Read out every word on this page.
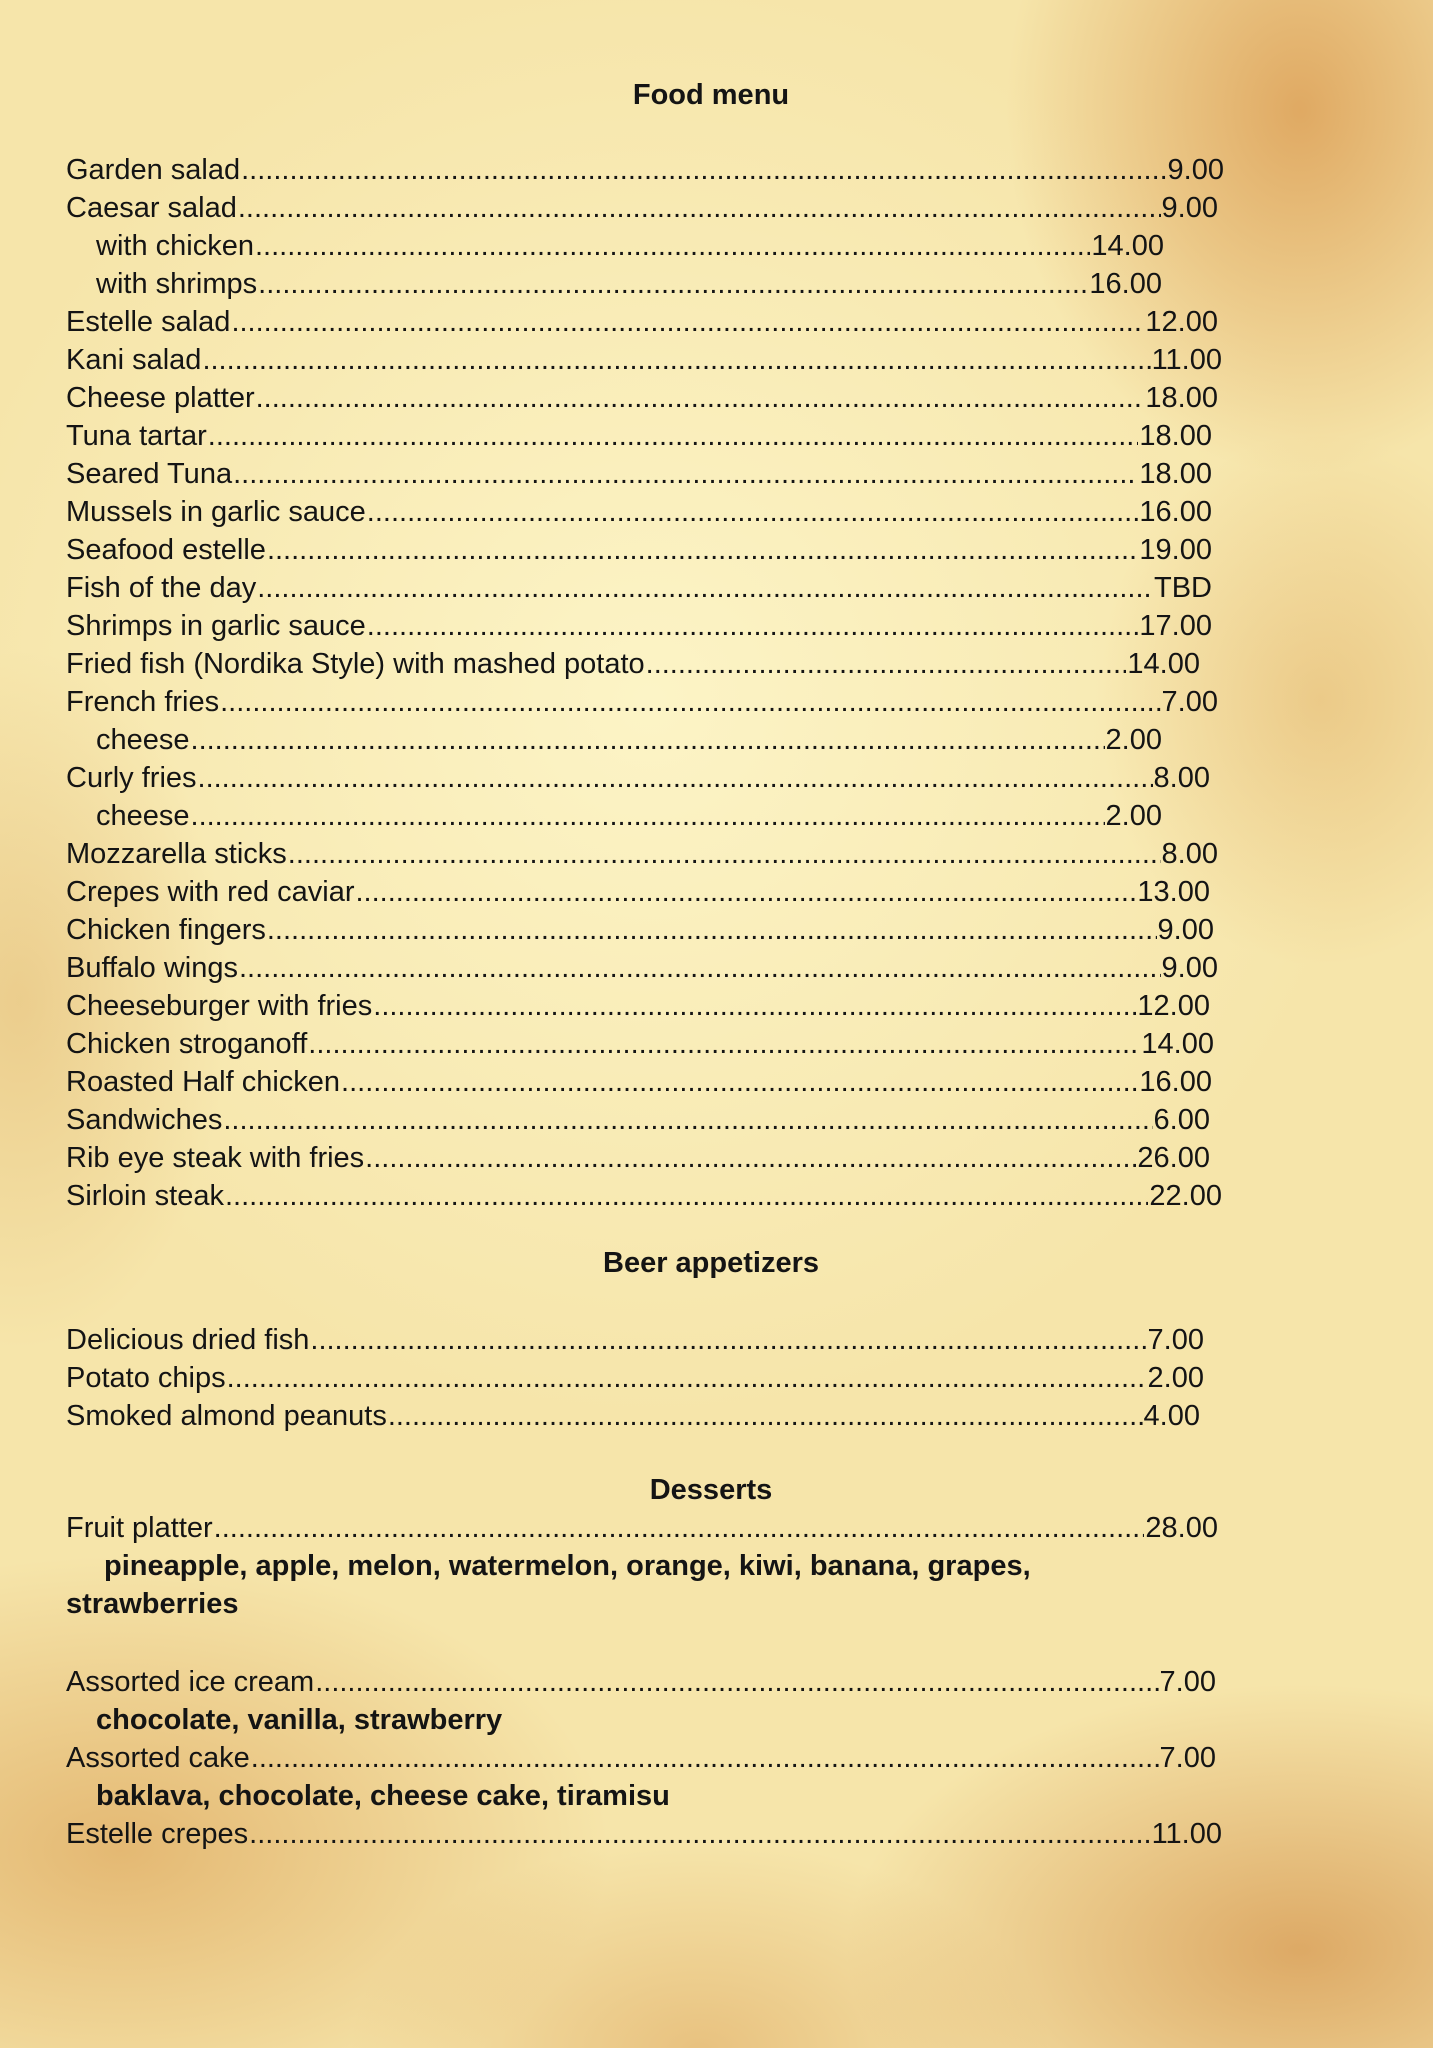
Food menu
Garden salad .....	9.00
Caesar salad .....	9.00
with chicken .....	14.00
with shrimps .....	16.00
Estelle salad .....	12.00
Kani salad .....	11.00
Cheese platter .....	18.00
Tuna tartar .....	18.00
Seared Tuna .....	18.00
Mussels in garlic sauce .....	16.00
Seafood estelle .....	19.00
Fish of the day .....	TBD
Shrimps in garlic sauce .....	17.00
Fried fish (Nordika Style) with mashed potato .....	14.00
French fries .....	7.00
cheese .....	2.00
Curly fries .....	8.00
cheese .....	2.00
Mozzarella sticks .....	8.00
Crepes with red caviar .....	13.00
Chicken fingers .....	9.00
Buffalo wings .....	9.00
Cheeseburger with fries .....	12.00
Chicken stroganoff .....	14.00
Roasted Half chicken .....	16.00
Sandwiches .....	6.00
Rib eye steak with fries .....	26.00
Sirloin steak .....	22.00
Beer appetizers
Delicious dried fish .....	7.00
Potato chips .....	2.00
Smoked almond peanuts .....	4.00
Desserts
Fruit platter .....	28.00
pineapple, apple, melon, watermelon, orange, kiwi, banana, grapes,
strawberries
Assorted ice cream .....	7.00
chocolate, vanilla, strawberry
Assorted cake .....	7.00
baklava, chocolate, cheese cake, tiramisu
Estelle crepes .....	11.00
